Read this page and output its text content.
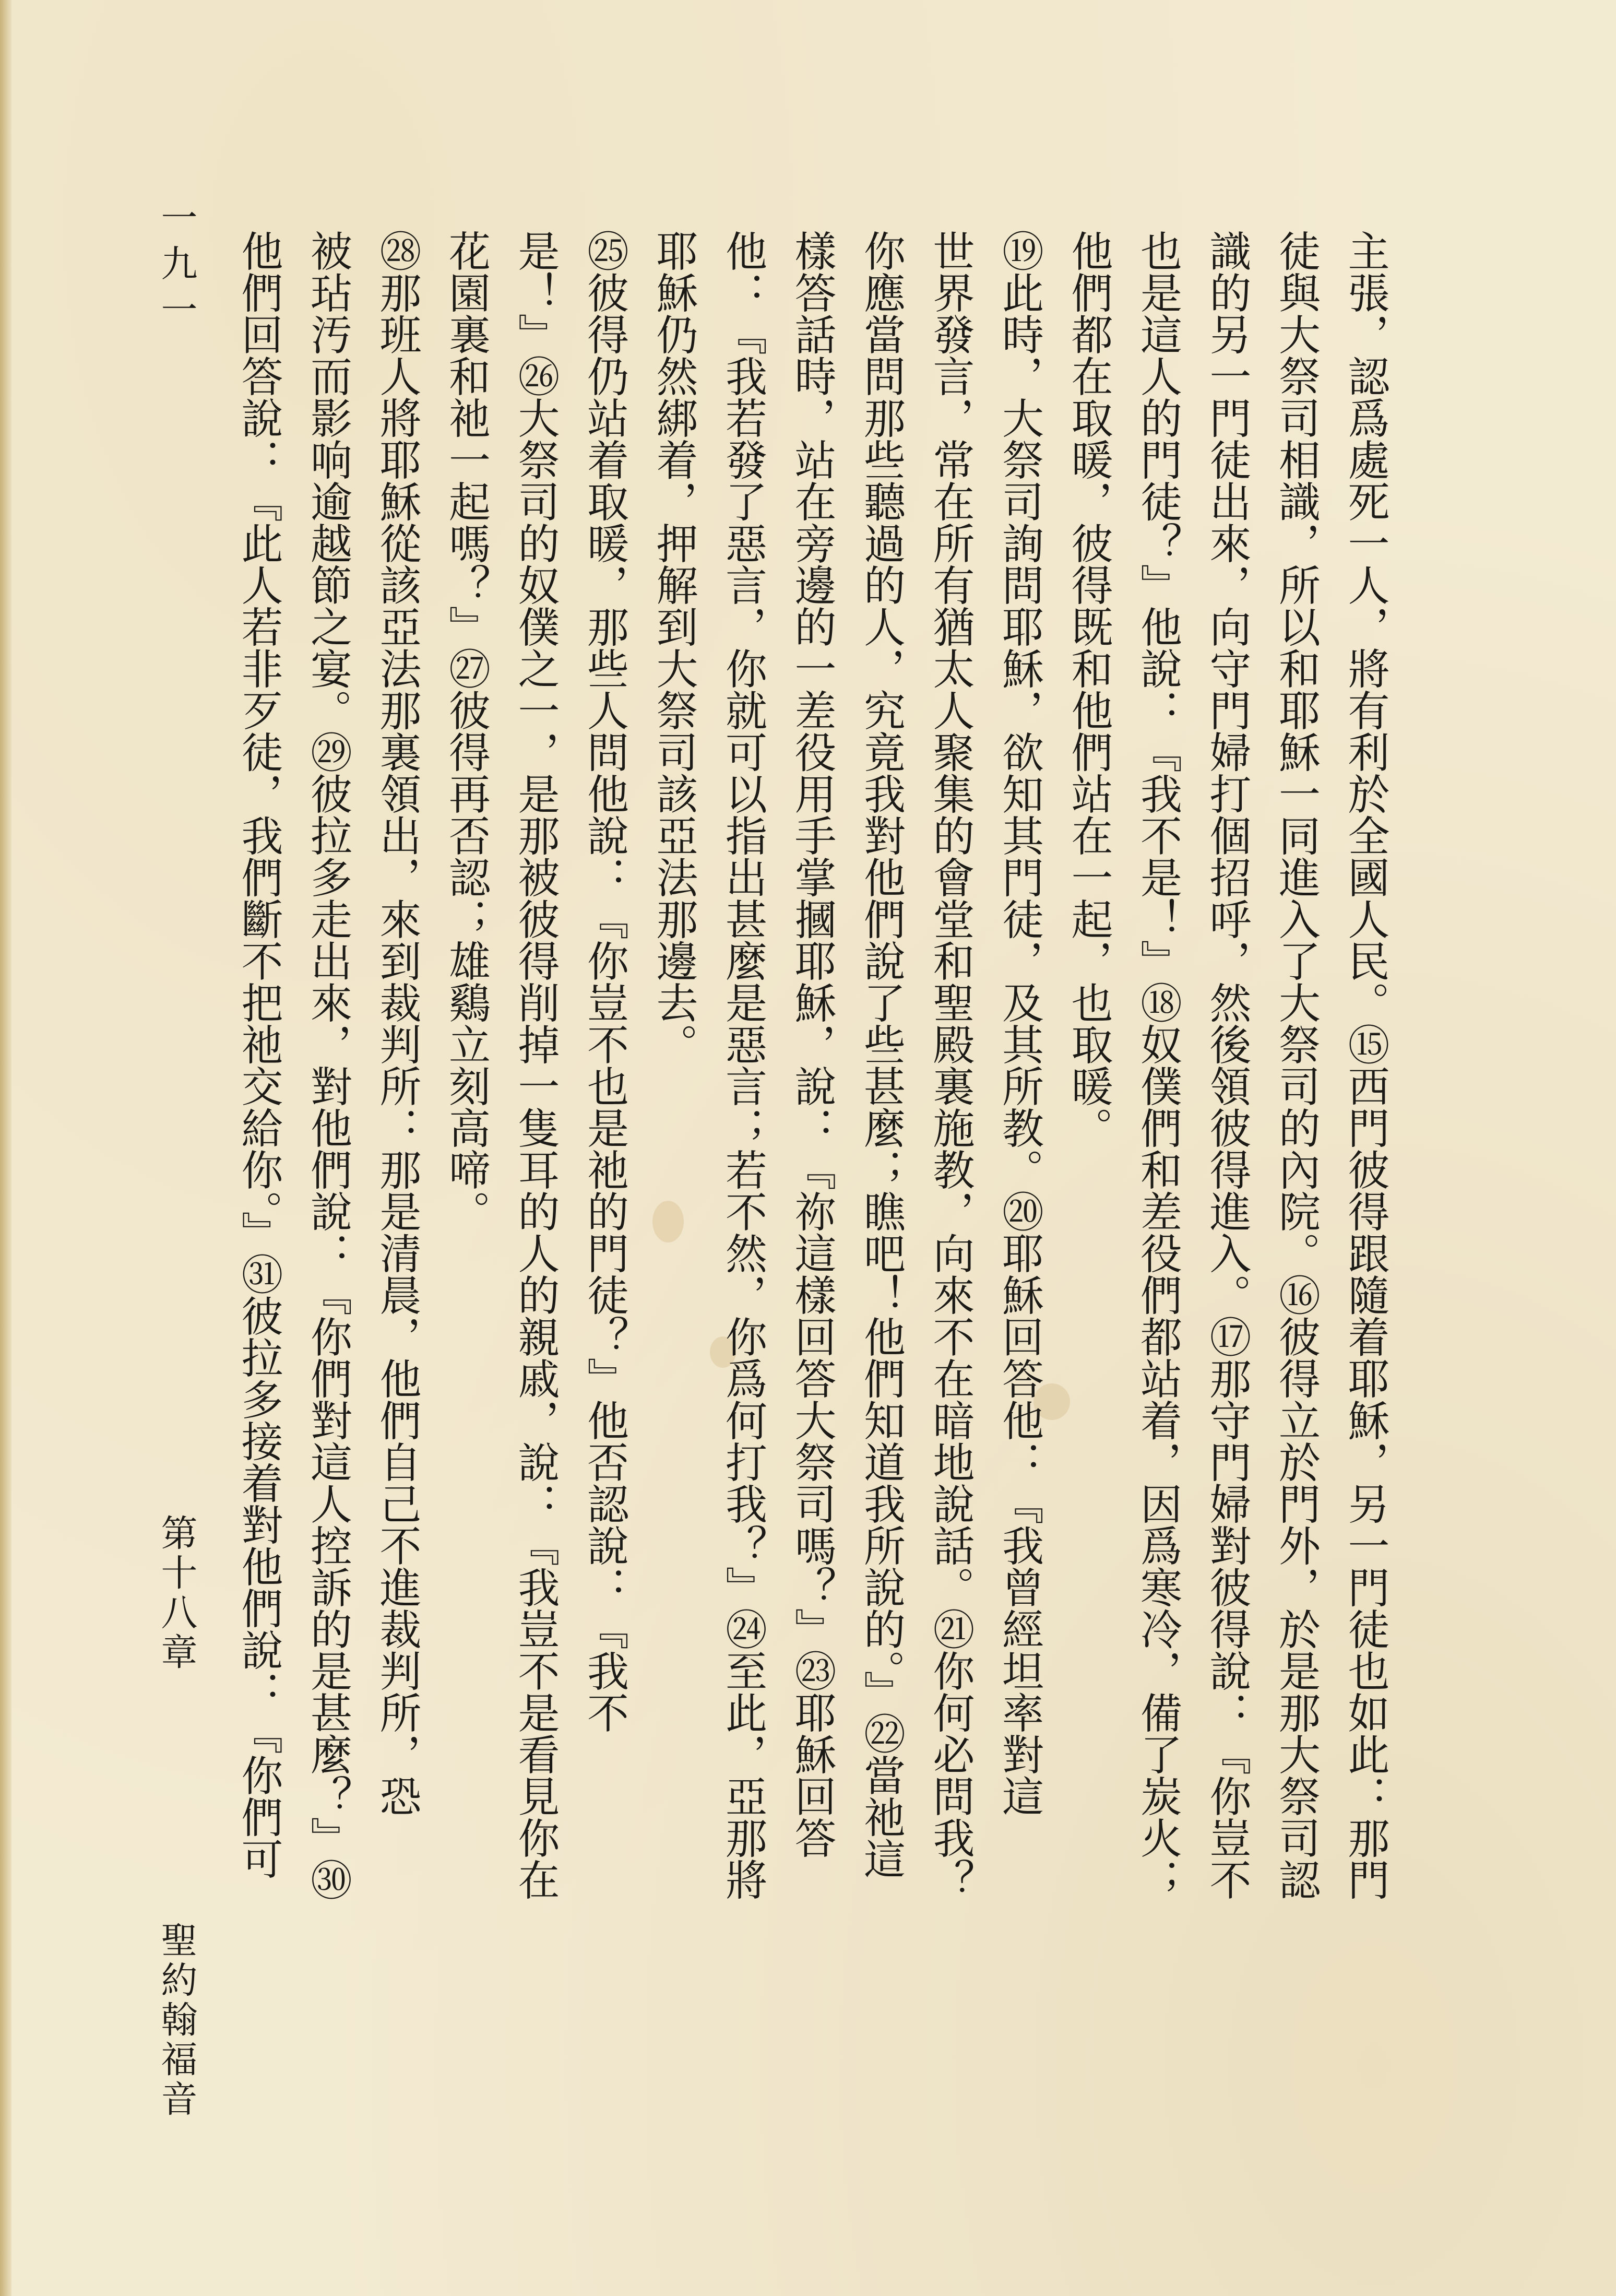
主張，認爲處死一人，將有利於全國人民。⑮西門彼得跟隨着耶穌，另一門徒也如此：那門

徒與大祭司相識，所以和耶穌一同進入了大祭司的內院。⑯彼得立於門外，於是那大祭司認

識的另一門徒出來，向守門婦打個招呼，然後領彼得進入。⑰那守門婦對彼得說：『你豈不

也是這人的門徒？』他說：『我不是！』⑱奴僕們和差役們都站着，因爲寒冷，備了炭火；

他們都在取暖，彼得既和他們站在一起，也取暖。

⑲此時，大祭司詢問耶穌，欲知其門徒，及其所教。⑳耶穌回答他：『我曾經坦率對這

世界發言，常在所有猶太人聚集的會堂和聖殿裏施教，向來不在暗地說話。㉑你何必問我？

你應當問那些聽過的人，究竟我對他們說了些甚麼；瞧吧！他們知道我所說的。』㉒當祂這

樣答話時，站在旁邊的一差役用手掌摑耶穌，說：『祢這樣回答大祭司嗎？』㉓耶穌回答

他：『我若發了惡言，你就可以指出甚麼是惡言；若不然，你爲何打我？』㉔至此，亞那將

耶穌仍然綁着，押解到大祭司該亞法那邊去。

㉕彼得仍站着取暖，那些人問他說：『你豈不也是祂的門徒？』他否認說：『我不

是！』㉖大祭司的奴僕之一，是那被彼得削掉一隻耳的人的親戚，說：『我豈不是看見你在

花園裏和祂一起嗎？』㉗彼得再否認；雄鷄立刻高啼。

㉘那班人將耶穌從該亞法那裏領出，來到裁判所：那是清晨，他們自己不進裁判所，恐

被玷汚而影响逾越節之宴。㉙彼拉多走出來，對他們說：『你們對這人控訴的是甚麼？』㉚

他們回答說：『此人若非歹徒，我們斷不把祂交給你。』㉛彼拉多接着對他們說：『你們可

一九一
第十八章
聖約翰福音
